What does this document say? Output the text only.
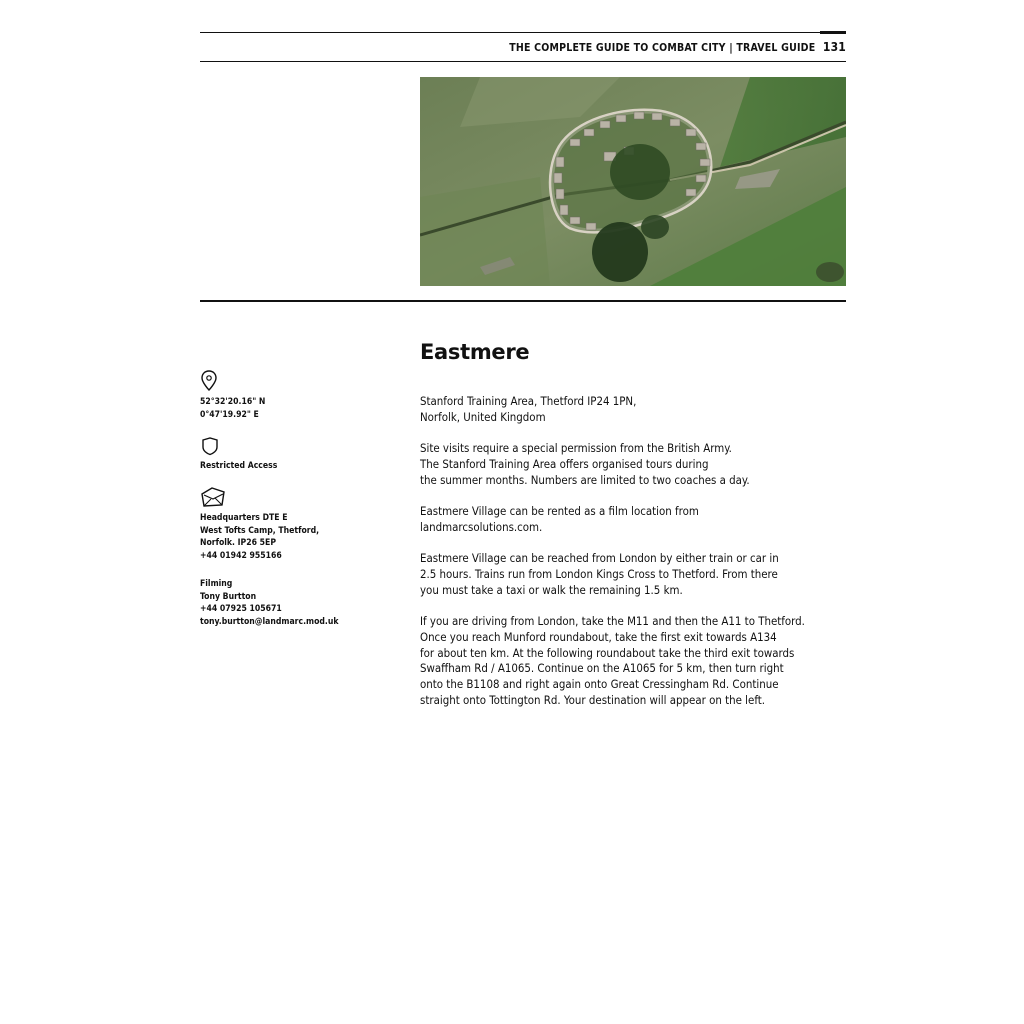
THE COMPLETE GUIDE TO COMBAT CITY | TRAVEL GUIDE 131
Eastmere
52°32'20.16" N
0°47'19.92" E
Restricted Access
Headquarters DTE E
West Tofts Camp, Thetford,
Norfolk. IP26 5EP
+44 01942 955166
Filming
Tony Burtton
+44 07925 105671
tony.burtton@landmarc.mod.uk

Stanford Training Area, Thetford IP24 1PN,
Norfolk, United Kingdom

Site visits require a special permission from the British Army.
The Stanford Training Area offers organised tours during
the summer months. Numbers are limited to two coaches a day.

Eastmere Village can be rented as a film location from
landmarcsolutions.com.

Eastmere Village can be reached from London by either train or car in
2.5 hours. Trains run from London Kings Cross to Thetford. From there
you must take a taxi or walk the remaining 1.5 km.

If you are driving from London, take the M11 and then the A11 to Thetford.
Once you reach Munford roundabout, take the first exit towards A134
for about ten km. At the following roundabout take the third exit towards
Swaffham Rd / A1065. Continue on the A1065 for 5 km, then turn right
onto the B1108 and right again onto Great Cressingham Rd. Continue
straight onto Tottington Rd. Your destination will appear on the left.
